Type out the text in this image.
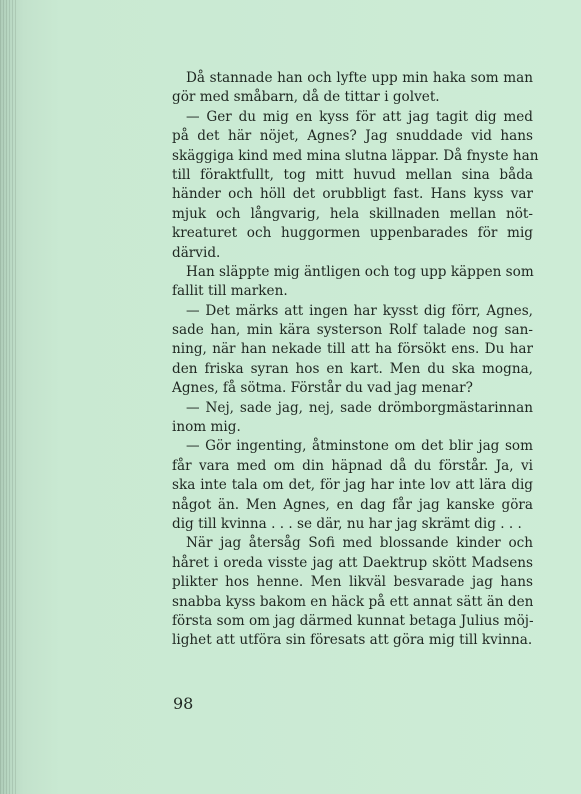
Då stannade han och lyfte upp min haka som man
gör med småbarn, då de tittar i golvet.
— Ger du mig en kyss för att jag tagit dig med
på det här nöjet, Agnes? Jag snuddade vid hans
skäggiga kind med mina slutna läppar. Då fnyste han
till föraktfullt, tog mitt huvud mellan sina båda
händer och höll det orubbligt fast. Hans kyss var
mjuk och långvarig, hela skillnaden mellan nöt-
kreaturet och huggormen uppenbarades för mig
därvid.
Han släppte mig äntligen och tog upp käppen som
fallit till marken.
— Det märks att ingen har kysst dig förr, Agnes,
sade han, min kära systerson Rolf talade nog san-
ning, när han nekade till att ha försökt ens. Du har
den friska syran hos en kart. Men du ska mogna,
Agnes, få sötma. Förstår du vad jag menar?
— Nej, sade jag, nej, sade drömborgmästarinnan
inom mig.
— Gör ingenting, åtminstone om det blir jag som
får vara med om din häpnad då du förstår. Ja, vi
ska inte tala om det, för jag har inte lov att lära dig
något än. Men Agnes, en dag får jag kanske göra
dig till kvinna . . . se där, nu har jag skrämt dig . . .
När jag återsåg Sofi med blossande kinder och
håret i oreda visste jag att Daektrup skött Madsens
plikter hos henne. Men likväl besvarade jag hans
snabba kyss bakom en häck på ett annat sätt än den
första som om jag därmed kunnat betaga Julius möj-
lighet att utföra sin föresats att göra mig till kvinna.
98
